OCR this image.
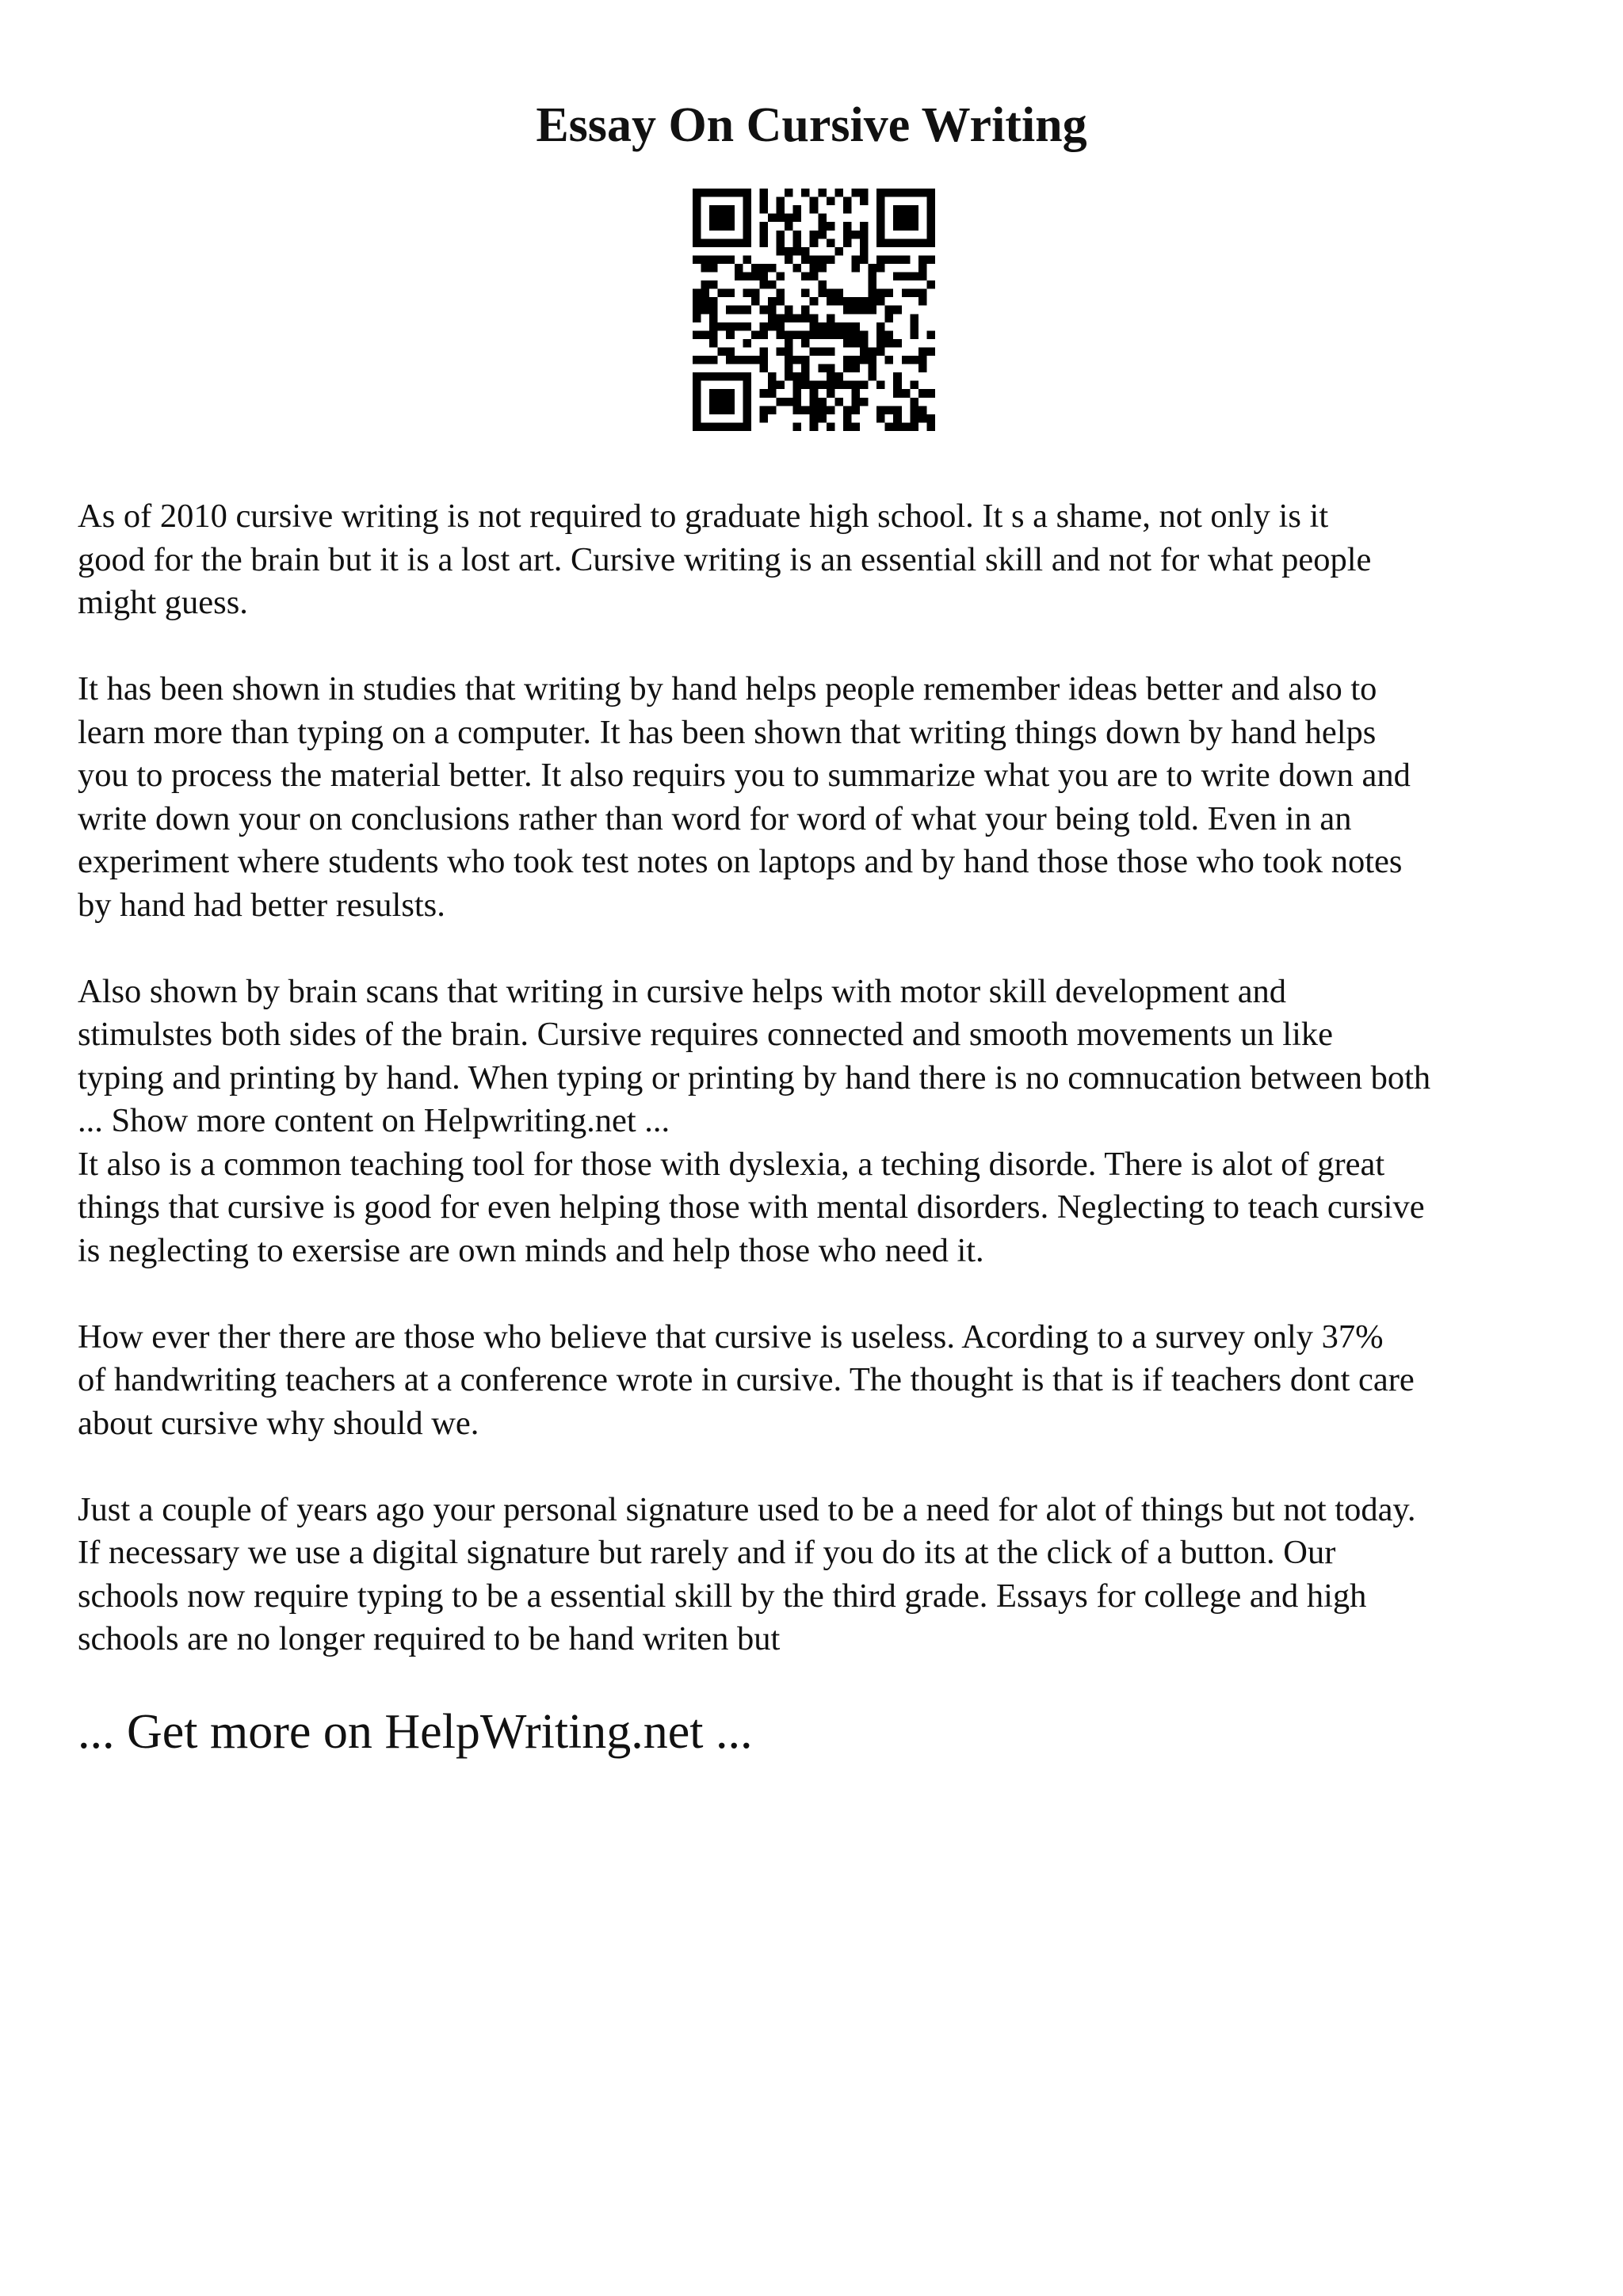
Essay On Cursive Writing

As of 2010 cursive writing is not required to graduate high school. It s a shame, not only is it
good for the brain but it is a lost art. Cursive writing is an essential skill and not for what people
might guess.

It has been shown in studies that writing by hand helps people remember ideas better and also to
learn more than typing on a computer. It has been shown that writing things down by hand helps
you to process the material better. It also requirs you to summarize what you are to write down and
write down your on conclusions rather than word for word of what your being told. Even in an
experiment where students who took test notes on laptops and by hand those those who took notes
by hand had better resulsts.

Also shown by brain scans that writing in cursive helps with motor skill development and
stimulstes both sides of the brain. Cursive requires connected and smooth movements un like
typing and printing by hand. When typing or printing by hand there is no comnucation between both
... Show more content on Helpwriting.net ...

It also is a common teaching tool for those with dyslexia, a teching disorde. There is alot of great
things that cursive is good for even helping those with mental disorders. Neglecting to teach cursive
is neglecting to exersise are own minds and help those who need it.

How ever ther there are those who believe that cursive is useless. Acording to a survey only 37%
of handwriting teachers at a conference wrote in cursive. The thought is that is if teachers dont care
about cursive why should we.

Just a couple of years ago your personal signature used to be a need for alot of things but not today.
If necessary we use a digital signature but rarely and if you do its at the click of a button. Our
schools now require typing to be a essential skill by the third grade. Essays for college and high
schools are no longer required to be hand writen but

... Get more on HelpWriting.net ...
